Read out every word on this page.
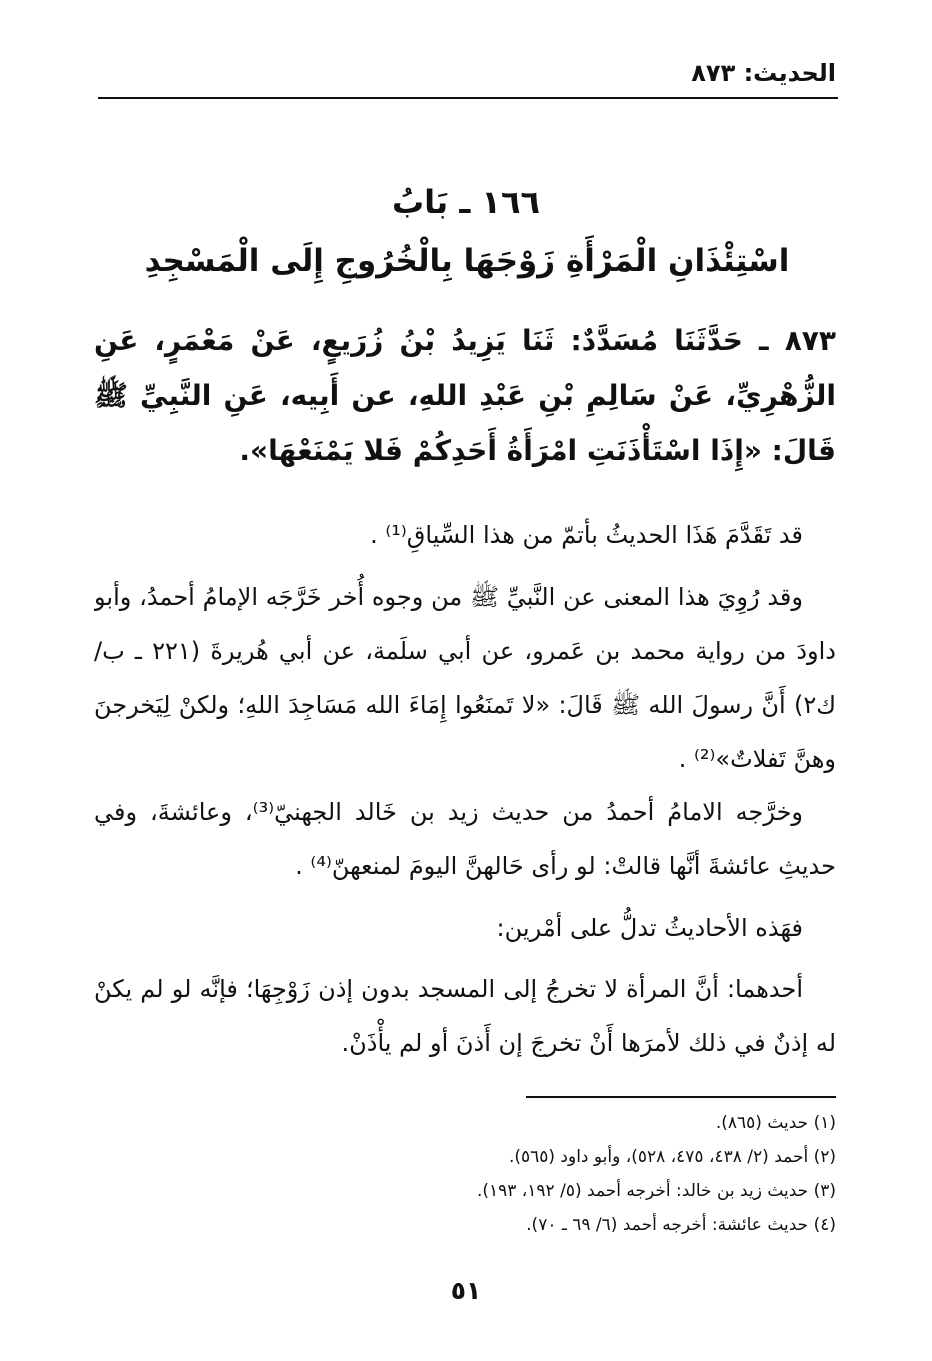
الحديث: ٨٧٣
١٦٦ ـ بَابُ
اسْتِئْذَانِ الْمَرْأَةِ زَوْجَهَا بِالْخُرُوجِ إِلَى الْمَسْجِدِ
٨٧٣ ـ حَدَّثَنَا مُسَدَّدٌ: ثَنَا يَزِيدُ بْنُ زُرَيعٍ، عَنْ مَعْمَرٍ، عَنِ الزُّهْرِيِّ، عَنْ سَالِمِ بْنِ عَبْدِ اللهِ، عن أَبِيه، عَنِ النَّبِيِّ ﷺ قَالَ: «إِذَا اسْتَأْذَنَتِ امْرَأَةُ أَحَدِكُمْ فَلا يَمْنَعْهَا».
قد تَقَدَّمَ هَذَا الحديثُ بأتمّ من هذا السِّياقِ⁽¹⁾ .
وقد رُوِيَ هذا المعنى عن النَّبيِّ ﷺ من وجوه أُخر خَرَّجَه الإمامُ أحمدُ، وأبو داودَ من رواية محمد بن عَمرو، عن أبي سلَمة، عن أبي هُريرةَ (٢٢١ ـ ب/ك٢) أَنَّ رسولَ الله ﷺ قَالَ: «لا تَمنَعُوا إِمَاءَ الله مَسَاجِدَ اللهِ؛ ولكنْ لِيَخرجنَ وهنَّ تَفلاتٌ»⁽²⁾ .
وخرَّجه الامامُ أحمدُ من حديث زيد بن خَالد الجهنيّ⁽³⁾، وعائشةَ، وفي حديثِ عائشةَ أنَّها قالتْ: لو رأى حَالهنَّ اليومَ لمنعهنّ⁽⁴⁾ .
فهَذه الأحاديثُ تدلُّ على أمْرين:
أحدهما: أنَّ المرأة لا تخرجُ إلى المسجد بدون إذن زَوْجِهَا؛ فإنَّه لو لم يكنْ له إذنٌ في ذلك لأمرَها أَنْ تخرجَ إن أَذنَ أو لم يأْذَنْ.
(١) حديث (٨٦٥).
(٢) أحمد (٢/ ٤٣٨، ٤٧٥، ٥٢٨)، وأبو داود (٥٦٥).
(٣) حديث زيد بن خالد: أخرجه أحمد (٥/ ١٩٢، ١٩٣).
(٤) حديث عائشة: أخرجه أحمد (٦/ ٦٩ ـ ٧٠).
٥١
